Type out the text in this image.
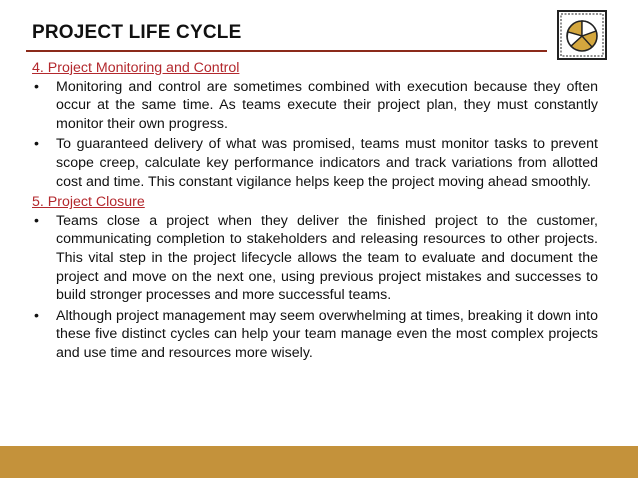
PROJECT LIFE CYCLE
4. Project Monitoring and Control
• Monitoring and control are sometimes combined with execution because they often occur at the same time. As teams execute their project plan, they must constantly monitor their own progress.
• To guaranteed delivery of what was promised, teams must monitor tasks to prevent scope creep, calculate key performance indicators and track variations from allotted cost and time. This constant vigilance helps keep the project moving ahead smoothly.
5. Project Closure
• Teams close a project when they deliver the finished project to the customer, communicating completion to stakeholders and releasing resources to other projects. This vital step in the project lifecycle allows the team to evaluate and document the project and move on the next one, using previous project mistakes and successes to build stronger processes and more successful teams.
• Although project management may seem overwhelming at times, breaking it down into these five distinct cycles can help your team manage even the most complex projects and use time and resources more wisely.
